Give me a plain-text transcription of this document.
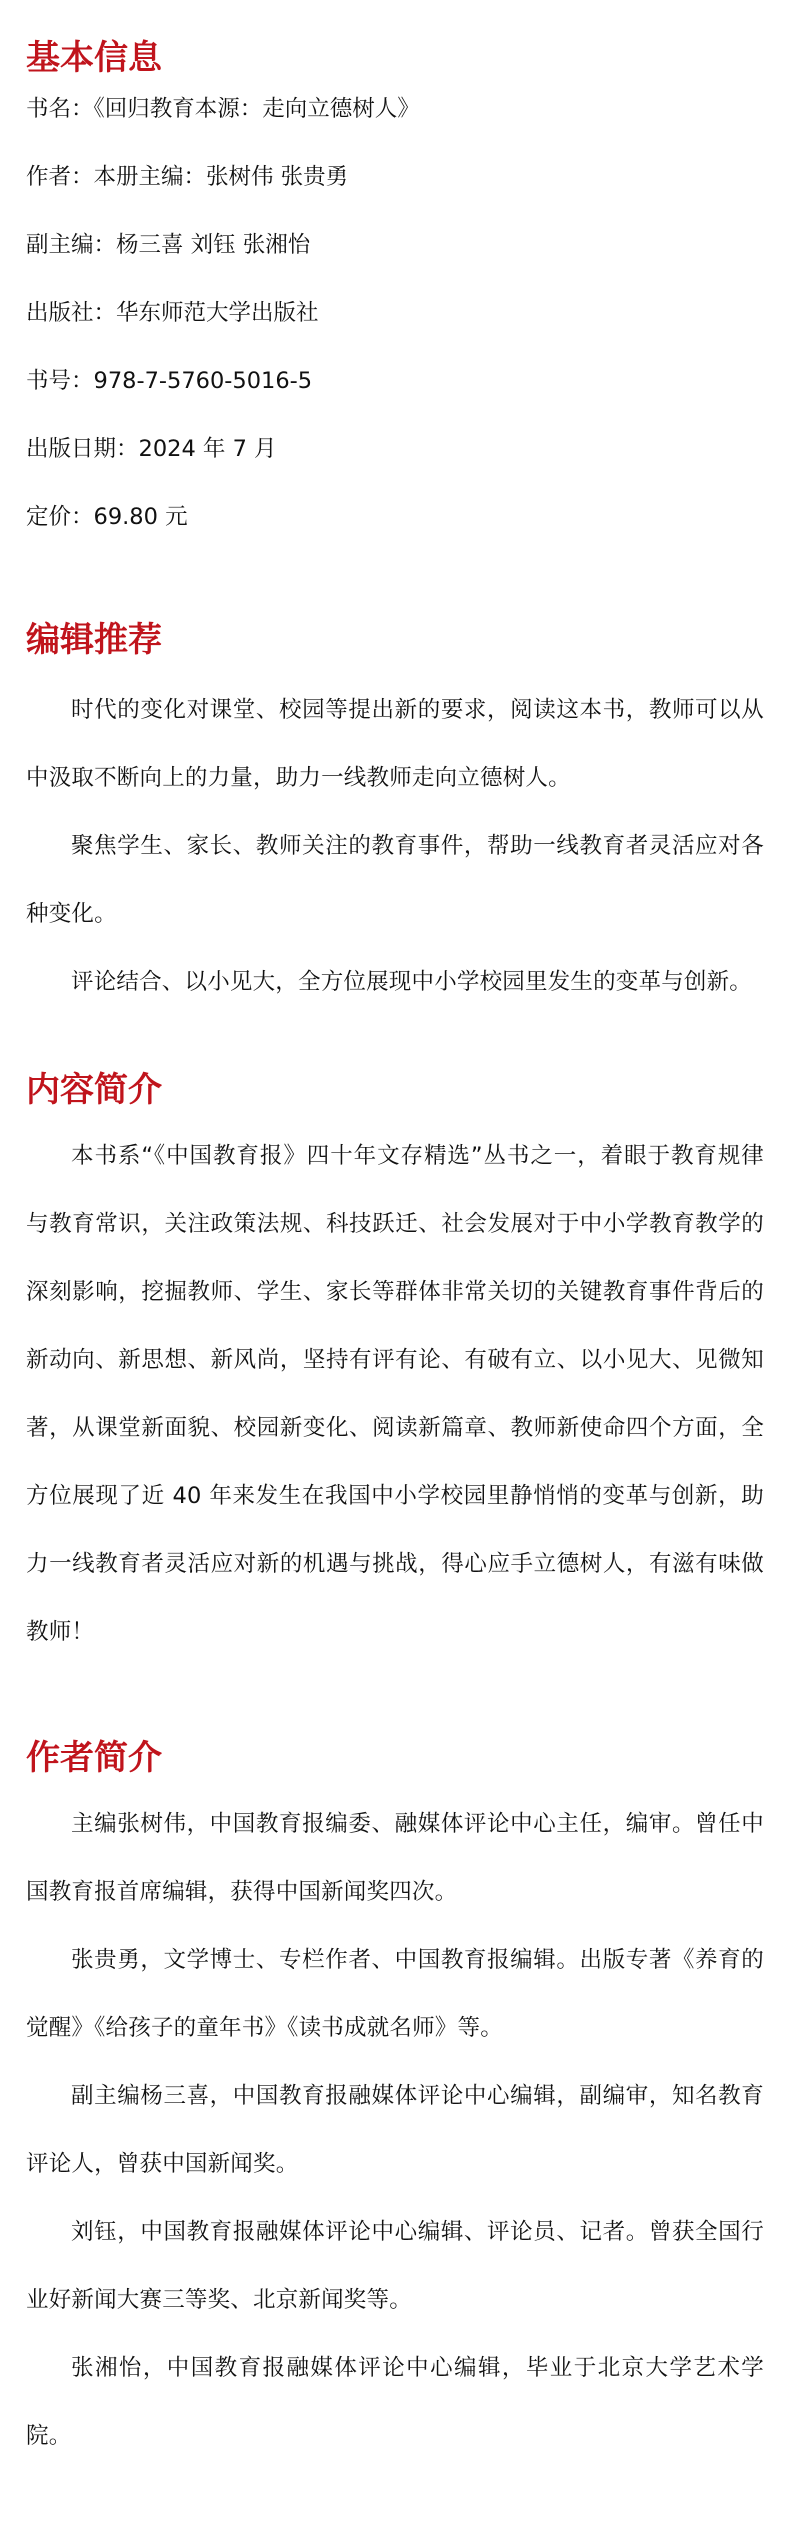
基本信息

书名：《回归教育本源：走向立德树人》

作者：本册主编：张树伟 张贵勇

副主编：杨三喜 刘钰 张湘怡

出版社：华东师范大学出版社

书号：978-7-5760-5016-5

出版日期：2024 年 7 月

定价：69.80 元

编辑推荐

时代的变化对课堂、校园等提出新的要求，阅读这本书，教师可以从中汲取不断向上的力量，助力一线教师走向立德树人。

聚焦学生、家长、教师关注的教育事件，帮助一线教育者灵活应对各种变化。

评论结合、以小见大，全方位展现中小学校园里发生的变革与创新。

内容简介

本书系“《中国教育报》四十年文存精选”丛书之一，着眼于教育规律与教育常识，关注政策法规、科技跃迁、社会发展对于中小学教育教学的深刻影响，挖掘教师、学生、家长等群体非常关切的关键教育事件背后的新动向、新思想、新风尚，坚持有评有论、有破有立、以小见大、见微知著，从课堂新面貌、校园新变化、阅读新篇章、教师新使命四个方面，全方位展现了近 40 年来发生在我国中小学校园里静悄悄的变革与创新，助力一线教育者灵活应对新的机遇与挑战，得心应手立德树人，有滋有味做教师！

作者简介

主编张树伟，中国教育报编委、融媒体评论中心主任，编审。曾任中国教育报首席编辑，获得中国新闻奖四次。

张贵勇，文学博士、专栏作者、中国教育报编辑。出版专著《养育的觉醒》《给孩子的童年书》《读书成就名师》等。

副主编杨三喜，中国教育报融媒体评论中心编辑，副编审，知名教育评论人，曾获中国新闻奖。

刘钰，中国教育报融媒体评论中心编辑、评论员、记者。曾获全国行业好新闻大赛三等奖、北京新闻奖等。

张湘怡，中国教育报融媒体评论中心编辑，毕业于北京大学艺术学院。
